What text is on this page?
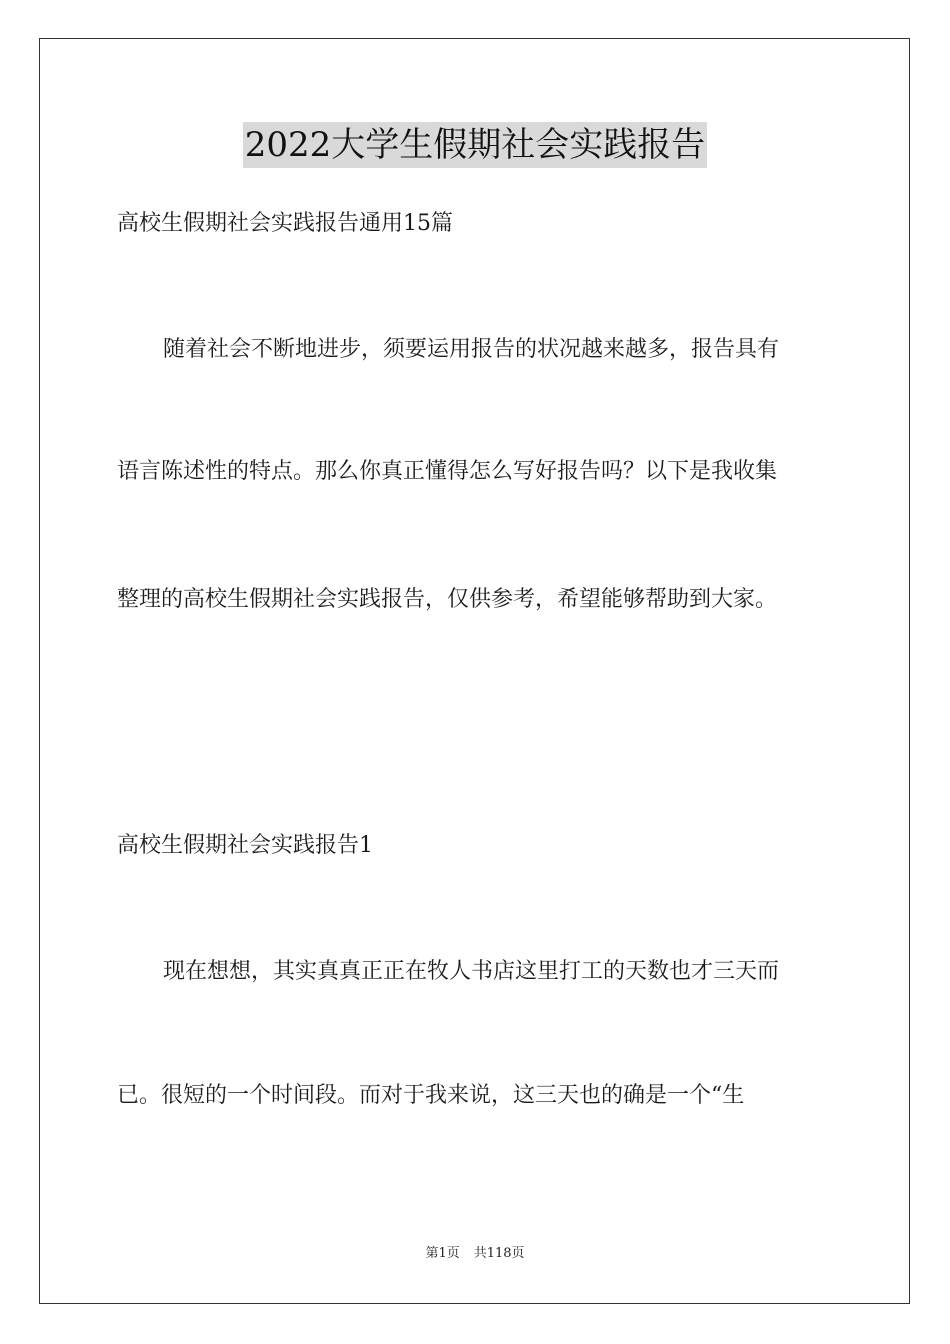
2022大学生假期社会实践报告
高校生假期社会实践报告通用15篇
随着社会不断地进步，须要运用报告的状况越来越多，报告具有
语言陈述性的特点。那么你真正懂得怎么写好报告吗？以下是我收集
整理的高校生假期社会实践报告，仅供参考，希望能够帮助到大家。
高校生假期社会实践报告1
现在想想，其实真真正正在牧人书店这里打工的天数也才三天而
已。很短的一个时间段。而对于我来说，这三天也的确是一个“生
第1页 共118页
